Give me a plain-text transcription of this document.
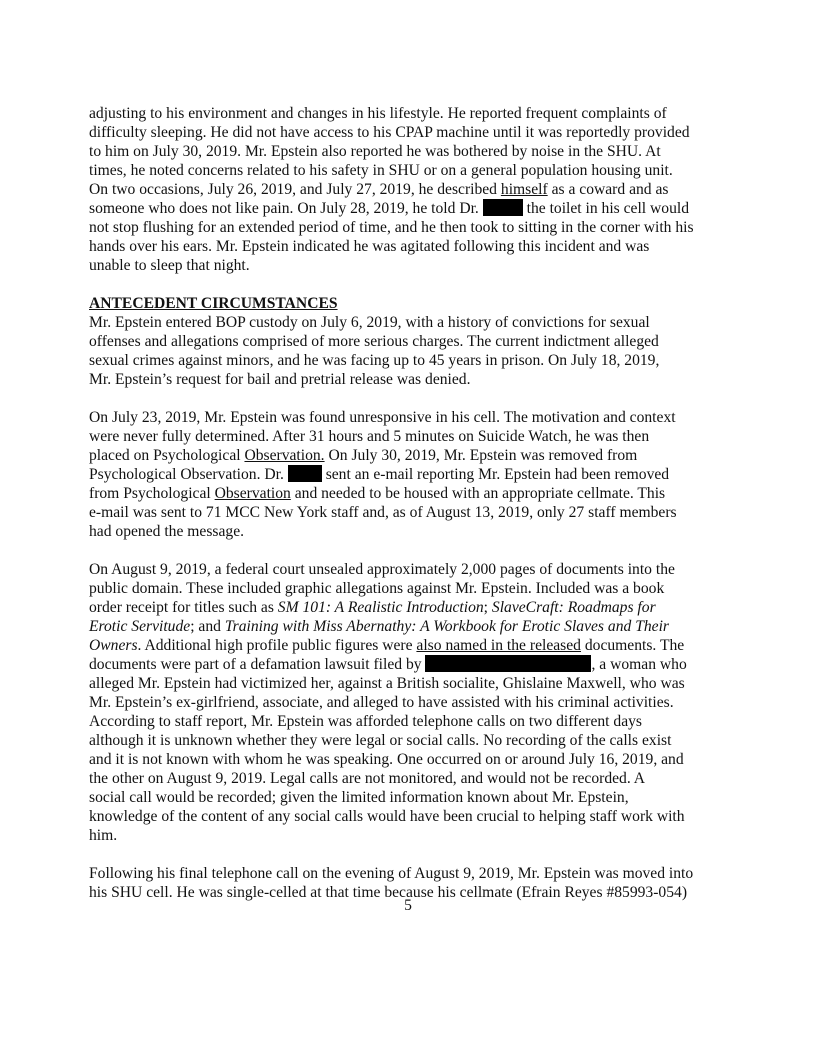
adjusting to his environment and changes in his lifestyle. He reported frequent complaints of
difficulty sleeping. He did not have access to his CPAP machine until it was reportedly provided
to him on July 30, 2019. Mr. Epstein also reported he was bothered by noise in the SHU. At
times, he noted concerns related to his safety in SHU or on a general population housing unit.
On two occasions, July 26, 2019, and July 27, 2019, he described himself as a coward and as
someone who does not like pain. On July 28, 2019, he told Dr.	the toilet in his cell would
not stop flushing for an extended period of time, and he then took to sitting in the corner with his
hands over his ears. Mr. Epstein indicated he was agitated following this incident and was
unable to sleep that night.
ANTECEDENT CIRCUMSTANCES
Mr. Epstein entered BOP custody on July 6, 2019, with a history of convictions for sexual
offenses and allegations comprised of more serious charges. The current indictment alleged
sexual crimes against minors, and he was facing up to 45 years in prison. On July 18, 2019,
Mr. Epstein’s request for bail and pretrial release was denied.
On July 23, 2019, Mr. Epstein was found unresponsive in his cell. The motivation and context
were never fully determined. After 31 hours and 5 minutes on Suicide Watch, he was then
placed on Psychological Observation. On July 30, 2019, Mr. Epstein was removed from
Psychological Observation. Dr.  sent an e-mail reporting Mr. Epstein had been removed
from Psychological Observation and needed to be housed with an appropriate cellmate. This
e-mail was sent to 71 MCC New York staff and, as of August 13, 2019, only 27 staff members
had opened the message.
On August 9, 2019, a federal court unsealed approximately 2,000 pages of documents into the
public domain. These included graphic allegations against Mr. Epstein. Included was a book
order receipt for titles such as SM 101: A Realistic Introduction; SlaveCraft: Roadmaps for
Erotic Servitude; and Training with Miss Abernathy: A Workbook for Erotic Slaves and Their
Owners. Additional high profile public figures were also named in the released documents. The
documents were part of a defamation lawsuit filed by	, a woman who
alleged Mr. Epstein had victimized her, against a British socialite, Ghislaine Maxwell, who was
Mr. Epstein’s ex-girlfriend, associate, and alleged to have assisted with his criminal activities.
According to staff report, Mr. Epstein was afforded telephone calls on two different days
although it is unknown whether they were legal or social calls. No recording of the calls exist
and it is not known with whom he was speaking. One occurred on or around July 16, 2019, and
the other on August 9, 2019. Legal calls are not monitored, and would not be recorded. A
social call would be recorded; given the limited information known about Mr. Epstein,
knowledge of the content of any social calls would have been crucial to helping staff work with
him.
Following his final telephone call on the evening of August 9, 2019, Mr. Epstein was moved into
his SHU cell. He was single-celled at that time because his cellmate (Efrain Reyes #85993-054)
5
